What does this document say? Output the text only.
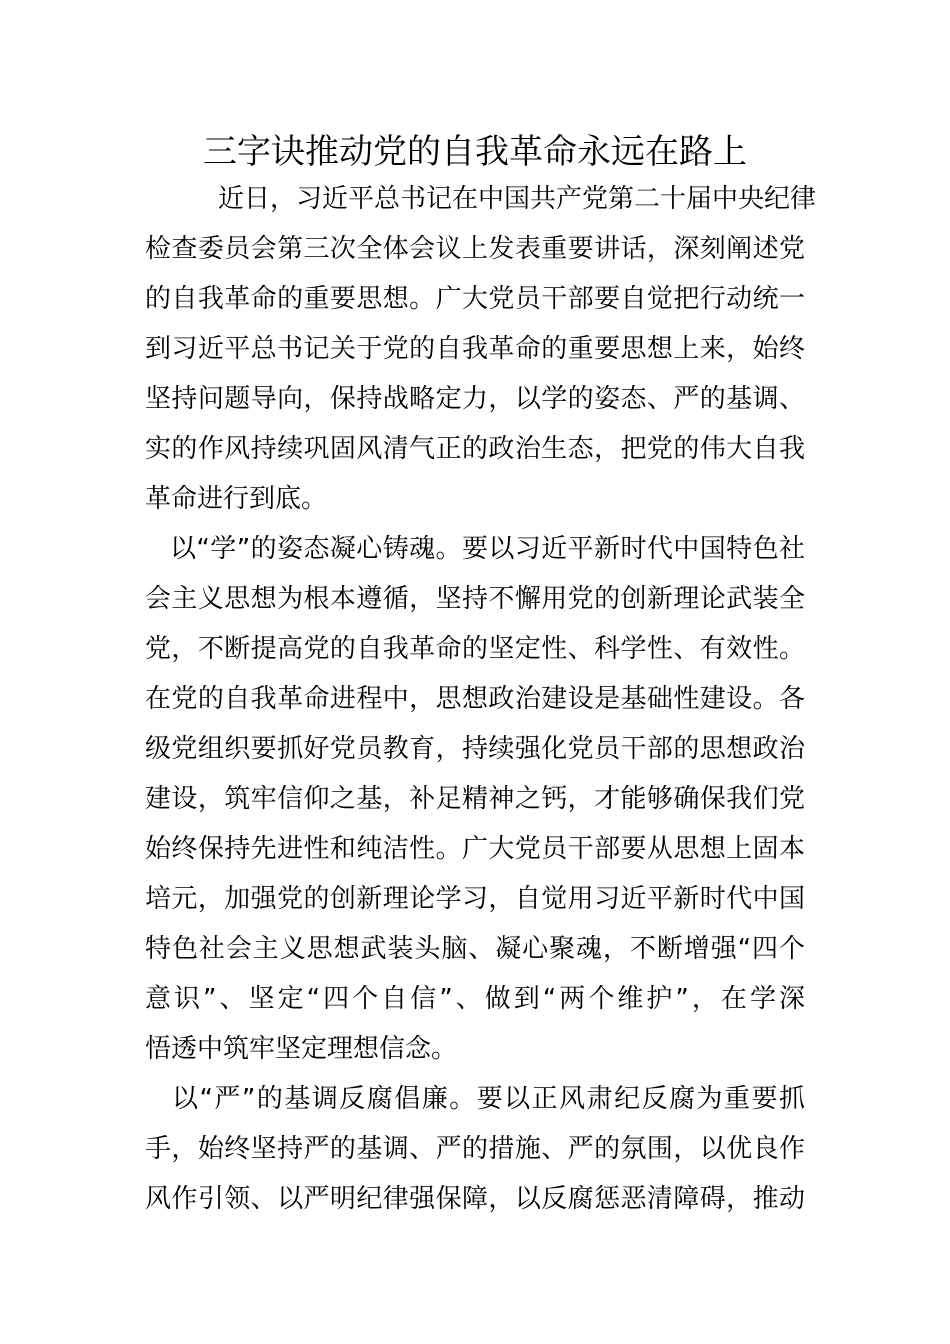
三字诀推动党的自我革命永远在路上

近日，习近平总书记在中国共产党第二十届中央纪律

检查委员会第三次全体会议上发表重要讲话，深刻阐述党

的自我革命的重要思想。广大党员干部要自觉把行动统一

到习近平总书记关于党的自我革命的重要思想上来，始终

坚持问题导向，保持战略定力，以学的姿态、严的基调、

实的作风持续巩固风清气正的政治生态，把党的伟大自我

革命进行到底。

以“学”的姿态凝心铸魂。要以习近平新时代中国特色社

会主义思想为根本遵循，坚持不懈用党的创新理论武装全

党，不断提高党的自我革命的坚定性、科学性、有效性。

在党的自我革命进程中，思想政治建设是基础性建设。各

级党组织要抓好党员教育，持续强化党员干部的思想政治

建设，筑牢信仰之基，补足精神之钙，才能够确保我们党

始终保持先进性和纯洁性。广大党员干部要从思想上固本

培元，加强党的创新理论学习，自觉用习近平新时代中国

特色社会主义思想武装头脑、凝心聚魂，不断增强“四个

意识”、坚定“四个自信”、做到“两个维护”，在学深

悟透中筑牢坚定理想信念。

以“严”的基调反腐倡廉。要以正风肃纪反腐为重要抓

手，始终坚持严的基调、严的措施、严的氛围，以优良作

风作引领、以严明纪律强保障，以反腐惩恶清障碍，推动
